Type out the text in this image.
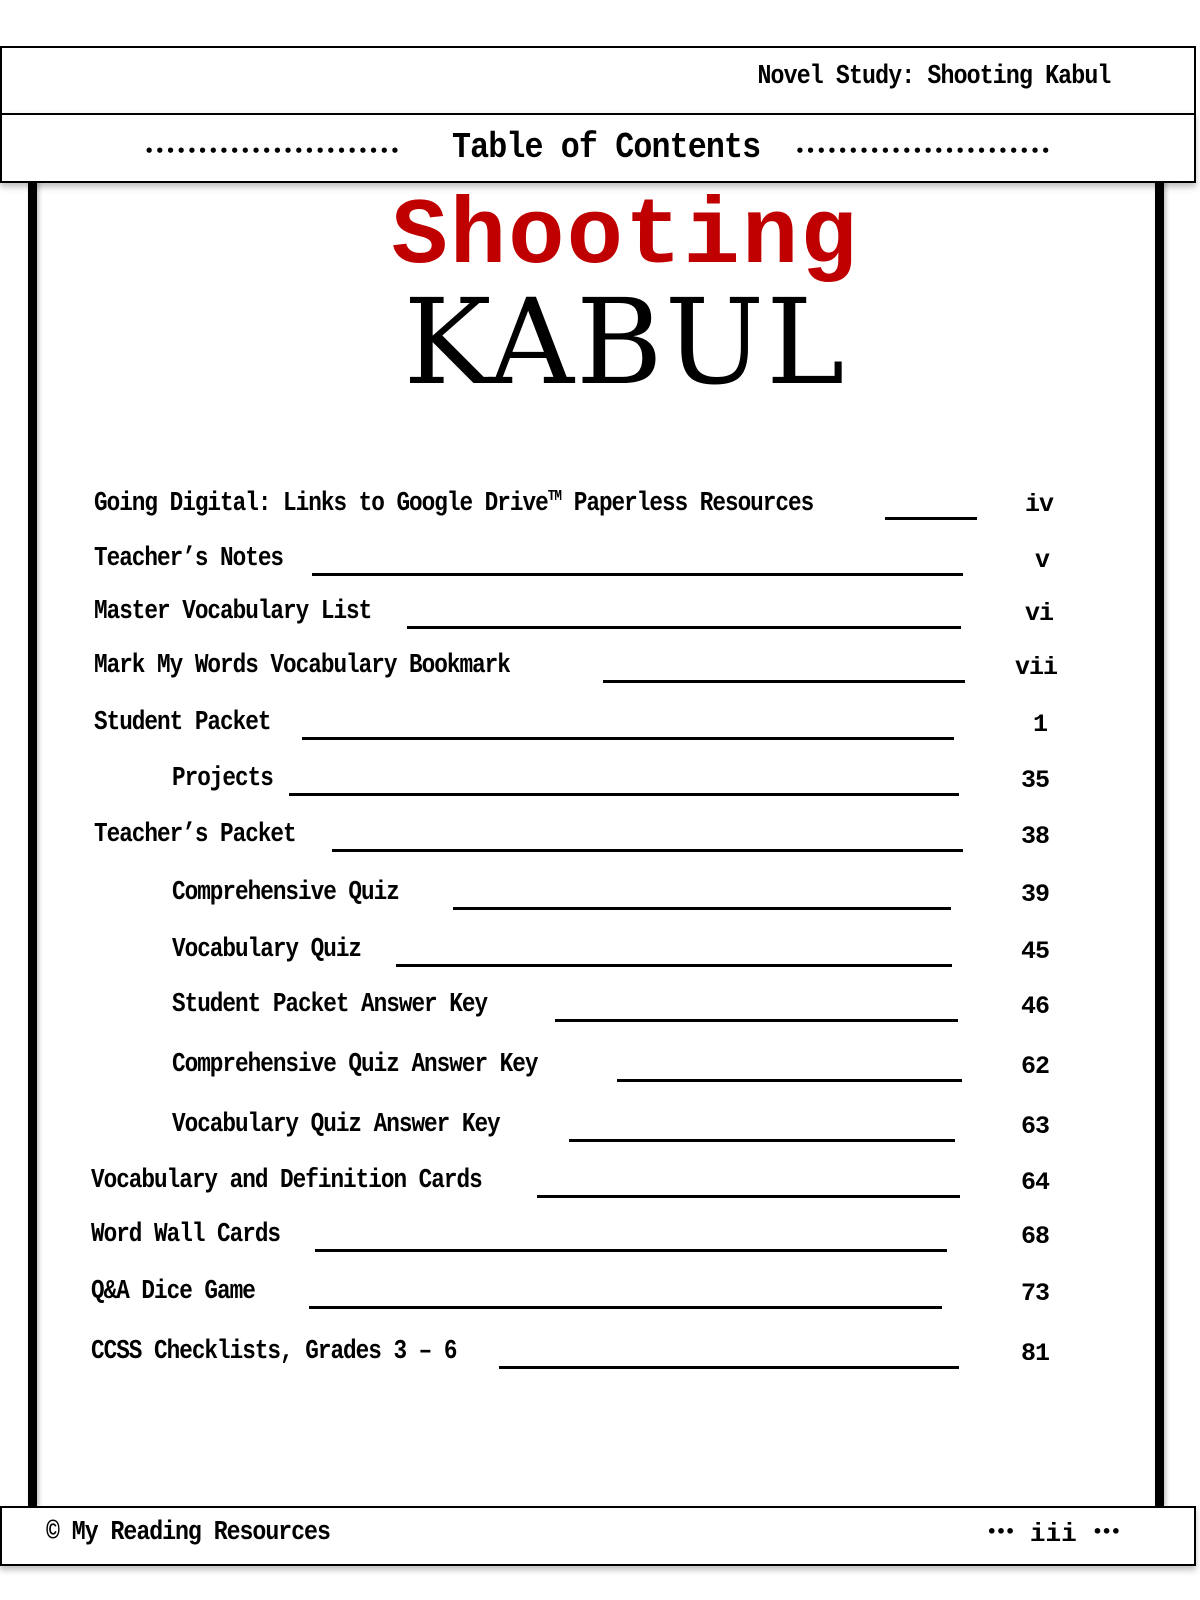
Novel Study: Shooting Kabul
•••••••••••••••••••••••• Table of Contents ••••••••••••••••••••••••
Shooting
KABUL
Going Digital: Links to Google Drive™ Paperless Resources	iv
Teacher’s Notes	v
Master Vocabulary List	vi
Mark My Words Vocabulary Bookmark	vii
Student Packet	1
Projects	35
Teacher’s Packet	38
Comprehensive Quiz	39
Vocabulary Quiz	45
Student Packet Answer Key	46
Comprehensive Quiz Answer Key	62
Vocabulary Quiz Answer Key	63
Vocabulary and Definition Cards	64
Word Wall Cards	68
Q&A Dice Game	73
CCSS Checklists, Grades 3 – 6	81
© My Reading Resources	••• iii •••
